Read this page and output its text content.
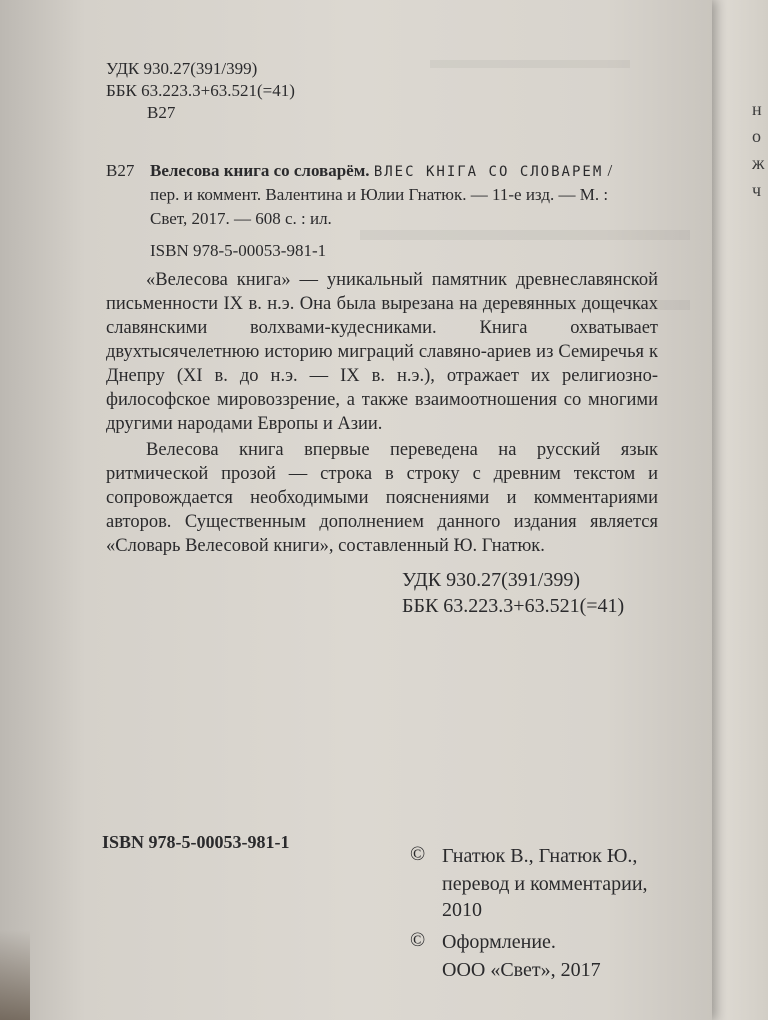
н
о
ж
ч
УДК 930.27(391/399)
ББК 63.223.3+63.521(=41)
В27
В27 Велесова книга со словарём. ВЛЕС КНІГА СО СЛОВАРЕМ /
пер. и коммент. Валентина и Юлии Гнатюк. — 11-е изд. — М. :
Свет, 2017. — 608 с. : ил.
ISBN 978-5-00053-981-1
«Велесова книга» — уникальный памятник древнеславянской письменности IX в. н.э. Она была вырезана на деревянных дощечках славянскими волхвами-кудесниками. Книга охватывает двухтысячелетнюю историю миграций славяно-ариев из Семиречья к Днепру (XI в. до н.э. — IX в. н.э.), отражает их религиозно-философское мировоззрение, а также взаимоотношения со многими другими народами Европы и Азии.
Велесова книга впервые переведена на русский язык ритмической прозой — строка в строку с древним текстом и сопровождается необходимыми пояснениями и комментариями авторов. Существенным дополнением данного издания является «Словарь Велесовой книги», составленный Ю. Гнатюк.
УДК 930.27(391/399)
ББК 63.223.3+63.521(=41)
ISBN 978-5-00053-981-1
© Гнатюк В., Гнатюк Ю.,
перевод и комментарии,
2010
© Оформление.
ООО «Свет», 2017
